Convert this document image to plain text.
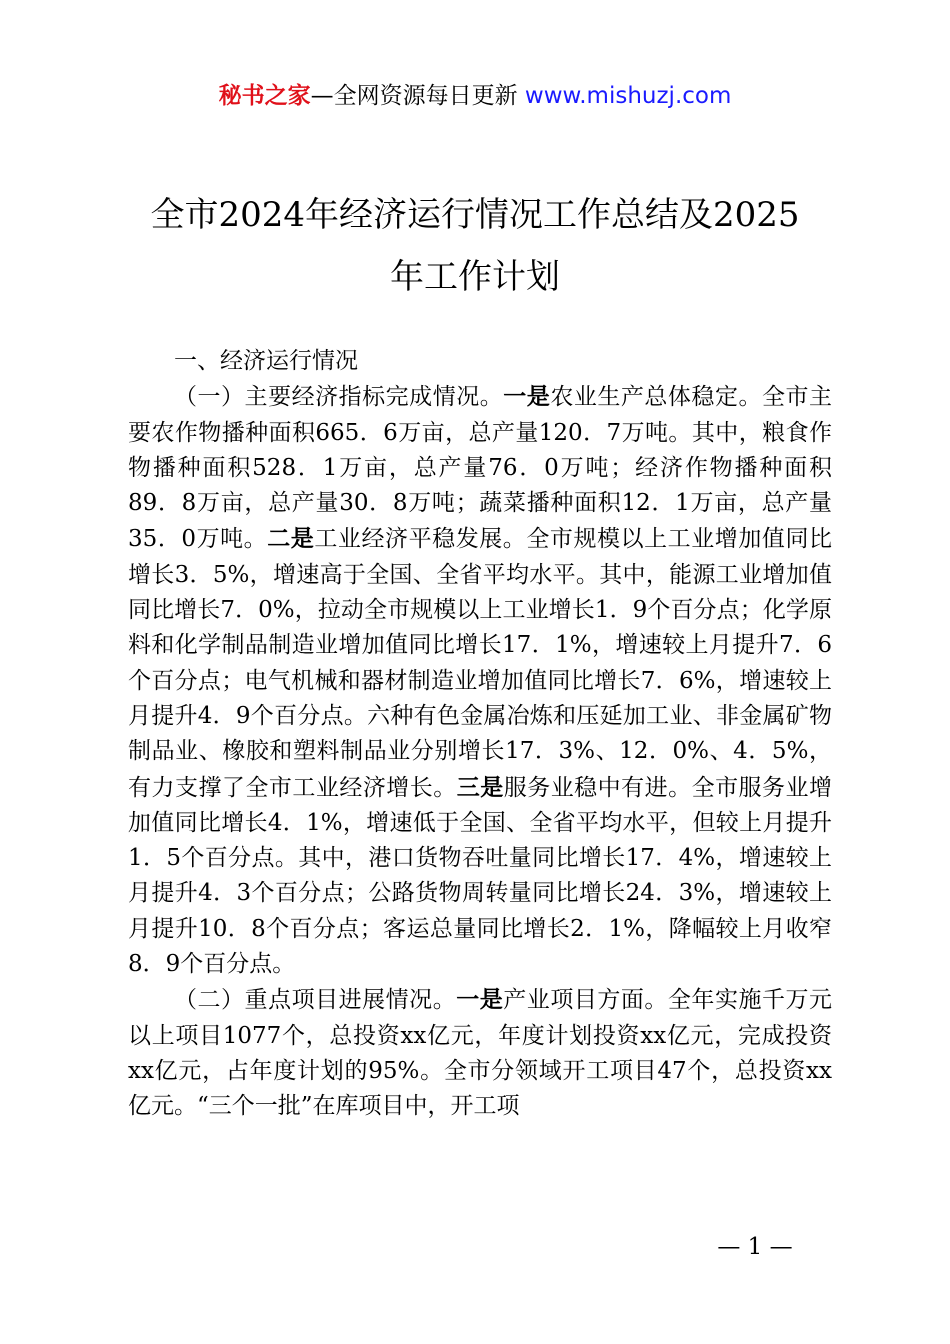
秘书之家—全网资源每日更新 www.mishuzj.com
全市2024年经济运行情况工作总结及2025
年工作计划

一、经济运行情况

（一）主要经济指标完成情况。一是农业生产总体稳定。全市主要农作物播种面积665．6万亩，总产量120．7万吨。其中，粮食作物播种面积528．1万亩，总产量76．0万吨；经济作物播种面积89．8万亩，总产量30．8万吨；蔬菜播种面积12．1万亩，总产量35．0万吨。二是工业经济平稳发展。全市规模以上工业增加值同比增长3．5%，增速高于全国、全省平均水平。其中，能源工业增加值同比增长7．0%，拉动全市规模以上工业增长1．9个百分点；化学原料和化学制品制造业增加值同比增长17．1%，增速较上月提升7．6个百分点；电气机械和器材制造业增加值同比增长7．6%，增速较上月提升4．9个百分点。六种有色金属冶炼和压延加工业、非金属矿物制品业、橡胶和塑料制品业分别增长17．3%、12．0%、4．5%，有力支撑了全市工业经济增长。三是服务业稳中有进。全市服务业增加值同比增长4．1%，增速低于全国、全省平均水平，但较上月提升1．5个百分点。其中，港口货物吞吐量同比增长17．4%，增速较上月提升4．3个百分点；公路货物周转量同比增长24．3%，增速较上月提升10．8个百分点；客运总量同比增长2．1%，降幅较上月收窄8．9个百分点。

（二）重点项目进展情况。一是产业项目方面。全年实施千万元以上项目1077个，总投资xx亿元，年度计划投资xx亿元，完成投资xx亿元，占年度计划的95%。全市分领域开工项目47个，总投资xx亿元。“三个一批”在库项目中，开工项

— 1 —
